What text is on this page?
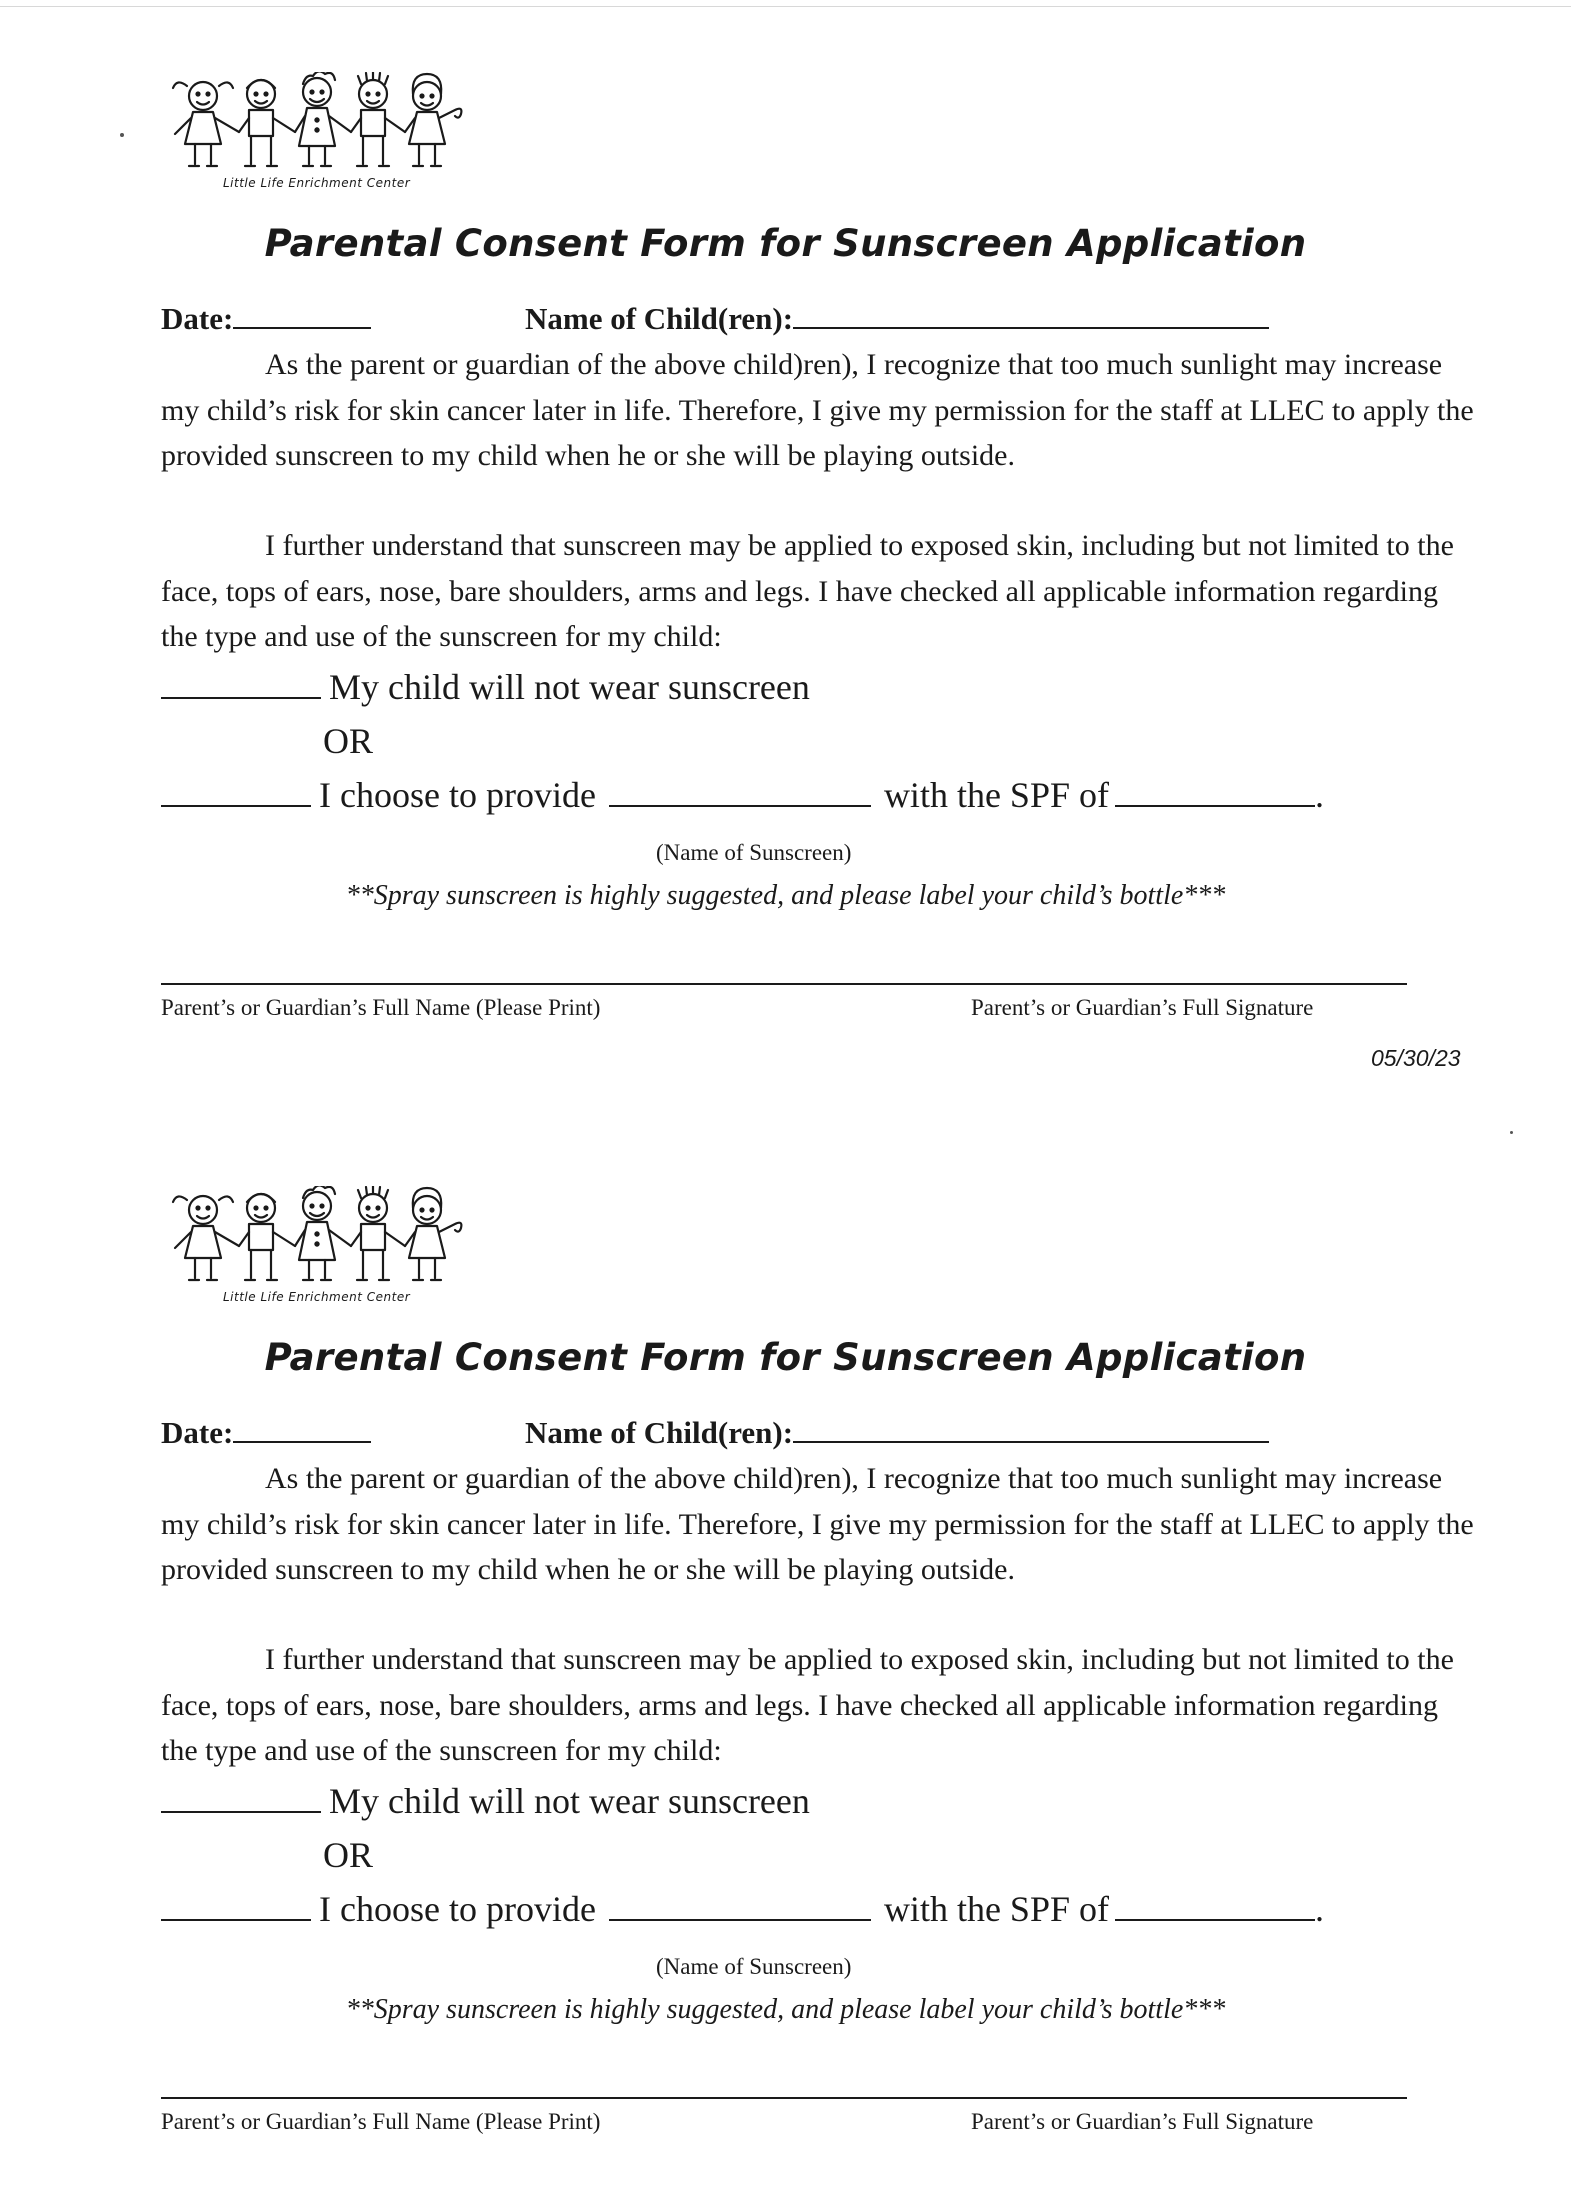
Little Life Enrichment Center
Parental Consent Form for Sunscreen Application
Date:	Name of Child(ren):

As the parent or guardian of the above child)ren), I recognize that too much sunlight may increase my child’s risk for skin cancer later in life. Therefore, I give my permission for the staff at LLEC to apply the provided sunscreen to my child when he or she will be playing outside.

I further understand that sunscreen may be applied to exposed skin, including but not limited to the face, tops of ears, nose, bare shoulders, arms and legs. I have checked all applicable information regarding the type and use of the sunscreen for my child:

My child will not wear sunscreen
OR
I choose to provide	with the SPF of	.
(Name of Sunscreen)
**Spray sunscreen is highly suggested, and please label your child’s bottle***
Parent’s or Guardian’s Full Name (Please Print)	Parent’s or Guardian’s Full Signature
05/30/23
Little Life Enrichment Center
Parental Consent Form for Sunscreen Application
Date:	Name of Child(ren):

As the parent or guardian of the above child)ren), I recognize that too much sunlight may increase my child’s risk for skin cancer later in life. Therefore, I give my permission for the staff at LLEC to apply the provided sunscreen to my child when he or she will be playing outside.

I further understand that sunscreen may be applied to exposed skin, including but not limited to the face, tops of ears, nose, bare shoulders, arms and legs. I have checked all applicable information regarding the type and use of the sunscreen for my child:

My child will not wear sunscreen
OR
I choose to provide	with the SPF of	.
(Name of Sunscreen)
**Spray sunscreen is highly suggested, and please label your child’s bottle***
Parent’s or Guardian’s Full Name (Please Print)	Parent’s or Guardian’s Full Signature
